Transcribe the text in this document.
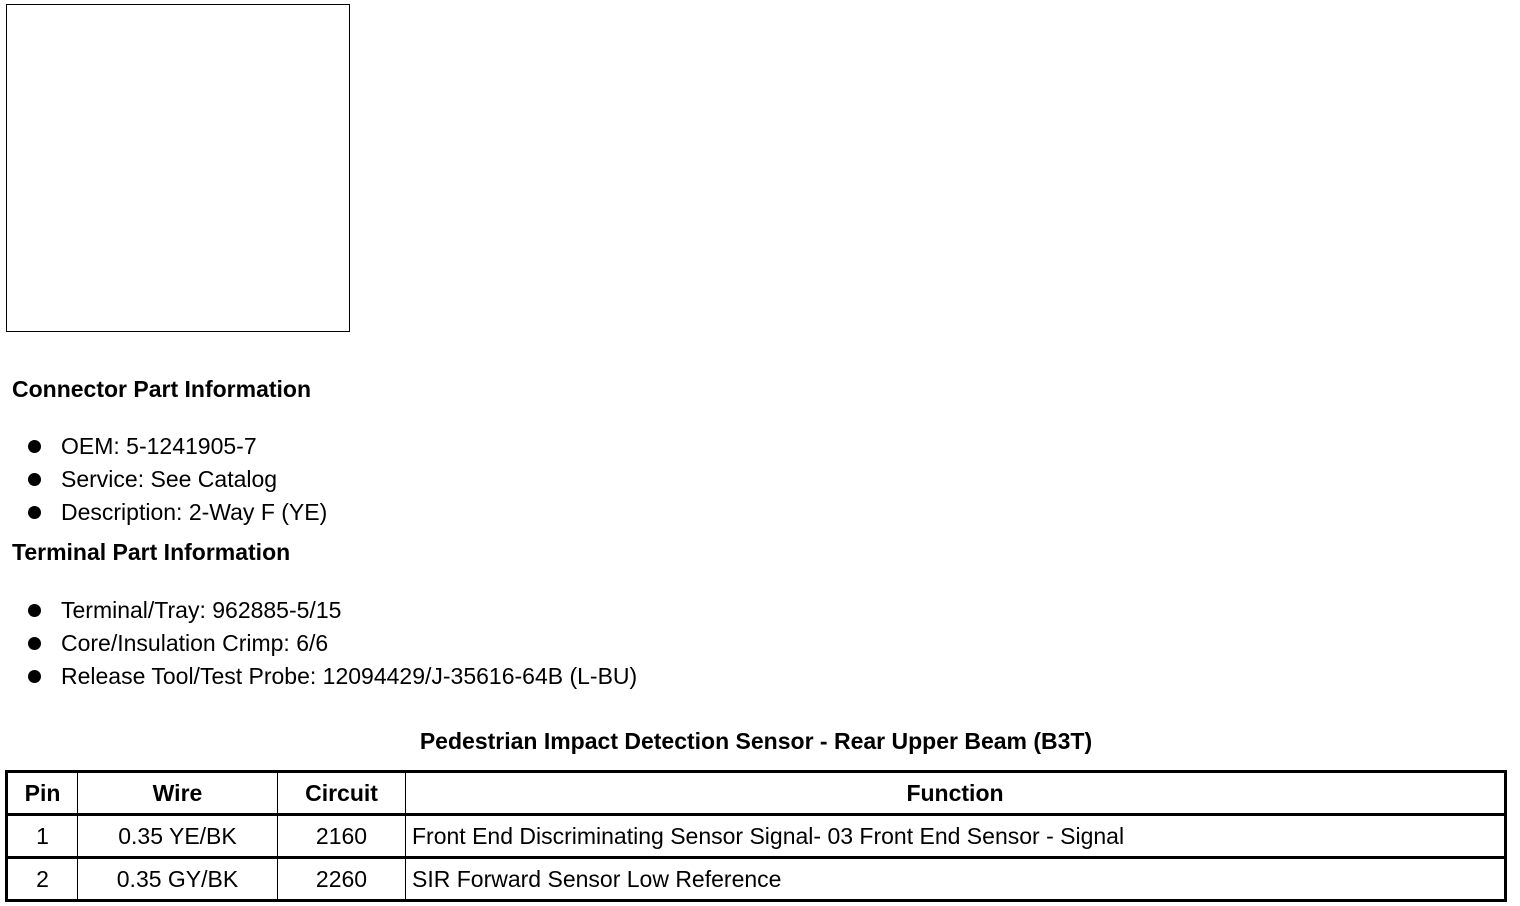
Connector Part Information
OEM: 5-1241905-7
Service: See Catalog
Description: 2-Way F (YE)
Terminal Part Information
Terminal/Tray: 962885-5/15
Core/Insulation Crimp: 6/6
Release Tool/Test Probe: 12094429/J-35616-64B (L-BU)
Pedestrian Impact Detection Sensor - Rear Upper Beam (B3T)
Pin	Wire	Circuit	Function
1	0.35 YE/BK	2160	Front End Discriminating Sensor Signal- 03 Front End Sensor - Signal
2	0.35 GY/BK	2260	SIR Forward Sensor Low Reference
